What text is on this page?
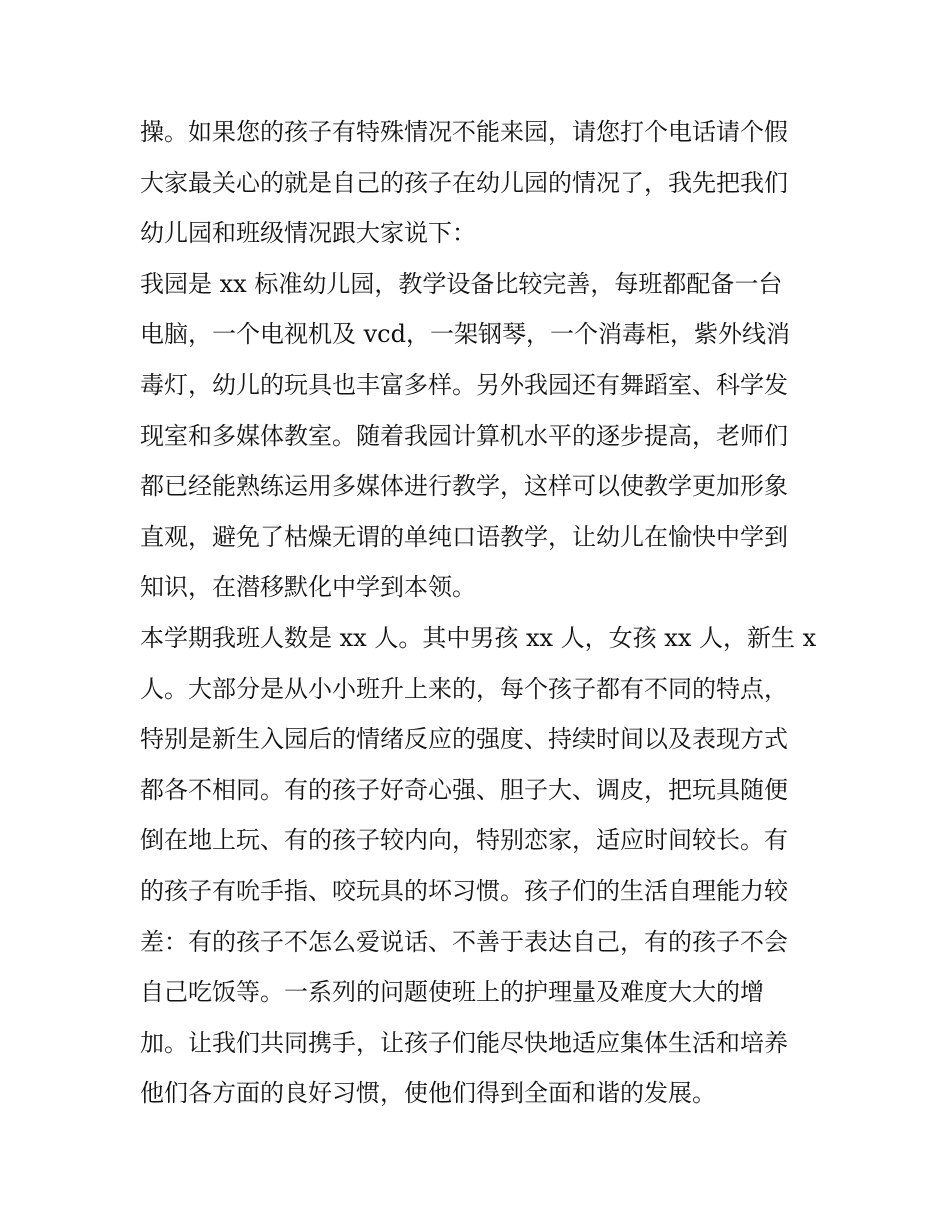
操。如果您的孩子有特殊情况不能来园，请您打个电话请个假
大家最关心的就是自己的孩子在幼儿园的情况了，我先把我们
幼儿园和班级情况跟大家说下：
我园是 xx 标准幼儿园，教学设备比较完善，每班都配备一台
电脑，一个电视机及 vcd，一架钢琴，一个消毒柜，紫外线消
毒灯，幼儿的玩具也丰富多样。另外我园还有舞蹈室、科学发
现室和多媒体教室。随着我园计算机水平的逐步提高，老师们
都已经能熟练运用多媒体进行教学，这样可以使教学更加形象
直观，避免了枯燥无谓的单纯口语教学，让幼儿在愉快中学到
知识，在潜移默化中学到本领。
本学期我班人数是 xx 人。其中男孩 xx 人，女孩 xx 人，新生 x
人。大部分是从小小班升上来的，每个孩子都有不同的特点，
特别是新生入园后的情绪反应的强度、持续时间以及表现方式
都各不相同。有的孩子好奇心强、胆子大、调皮，把玩具随便
倒在地上玩、有的孩子较内向，特别恋家，适应时间较长。有
的孩子有吮手指、咬玩具的坏习惯。孩子们的生活自理能力较
差：有的孩子不怎么爱说话、不善于表达自己，有的孩子不会
自己吃饭等。一系列的问题使班上的护理量及难度大大的增
加。让我们共同携手，让孩子们能尽快地适应集体生活和培养
他们各方面的良好习惯，使他们得到全面和谐的发展。
